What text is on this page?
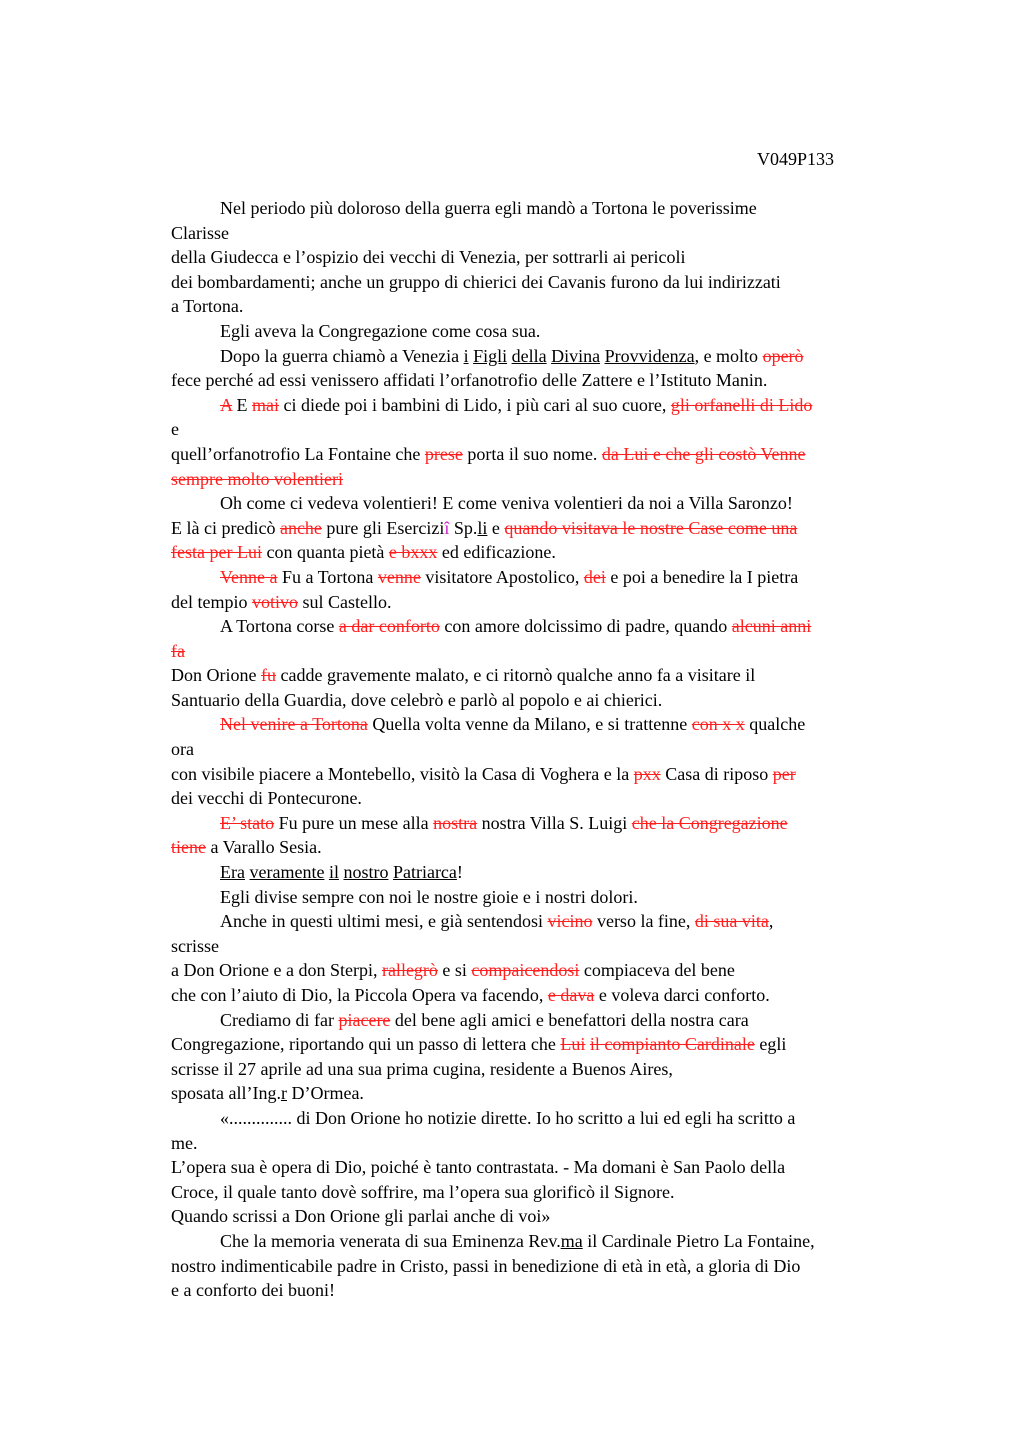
V049P133
Nel periodo più doloroso della guerra egli mandò a Tortona le poverissime
Clarisse
della Giudecca e l’ospizio dei vecchi di Venezia, per sottrarli ai pericoli
dei bombardamenti; anche un gruppo di chierici dei Cavanis furono da lui indirizzati
a Tortona.
Egli aveva la Congregazione come cosa sua.
Dopo la guerra chiamò a Venezia i Figli della Divina Provvidenza, e molto operò
fece perché ad essi venissero affidati l’orfanotrofio delle Zattere e l’Istituto Manin.
A E mai ci diede poi i bambini di Lido, i più cari al suo cuore, gli orfanelli di Lido
e
quell’orfanotrofio La Fontaine che prese porta il suo nome. da Lui e che gli costò Venne
sempre molto volentieri
Oh come ci vedeva volentieri! E come veniva volentieri da noi a Villa Saronzo!
E là ci predicò anche pure gli Eserciziî Sp.li e quando visitava le nostre Case come una
festa per Lui con quanta pietà e bxxx ed edificazione.
Venne a Fu a Tortona venne visitatore Apostolico, dei e poi a benedire la I pietra
del tempio votivo sul Castello.
A Tortona corse a dar conforto con amore dolcissimo di padre, quando alcuni anni
fa
Don Orione fu cadde gravemente malato, e ci ritornò qualche anno fa a visitare il
Santuario della Guardia, dove celebrò e parlò al popolo e ai chierici.
Nel venire a Tortona Quella volta venne da Milano, e si trattenne con x x qualche
ora
con visibile piacere a Montebello, visitò la Casa di Voghera e la pxx Casa di riposo per
dei vecchi di Pontecurone.
E’ stato Fu pure un mese alla nostra nostra Villa S. Luigi che la Congregazione
tiene a Varallo Sesia.
Era veramente il nostro Patriarca!
Egli divise sempre con noi le nostre gioie e i nostri dolori.
Anche in questi ultimi mesi, e già sentendosi vicino verso la fine, di sua vita,
scrisse
a Don Orione e a don Sterpi, rallegrò e si compaicendosi compiaceva del bene
che con l’aiuto di Dio, la Piccola Opera va facendo, e dava e voleva darci conforto.
Crediamo di far piacere del bene agli amici e benefattori della nostra cara
Congregazione, riportando qui un passo di lettera che Lui il compianto Cardinale egli
scrisse il 27 aprile ad una sua prima cugina, residente a Buenos Aires,
sposata all’Ing.r D’Ormea.
«.............. di Don Orione ho notizie dirette. Io ho scritto a lui ed egli ha scritto a
me.
L’opera sua è opera di Dio, poiché è tanto contrastata. - Ma domani è San Paolo della
Croce, il quale tanto dovè soffrire, ma l’opera sua glorificò il Signore.
Quando scrissi a Don Orione gli parlai anche di voi»
Che la memoria venerata di sua Eminenza Rev.ma il Cardinale Pietro La Fontaine,
nostro indimenticabile padre in Cristo, passi in benedizione di età in età, a gloria di Dio
e a conforto dei buoni!
